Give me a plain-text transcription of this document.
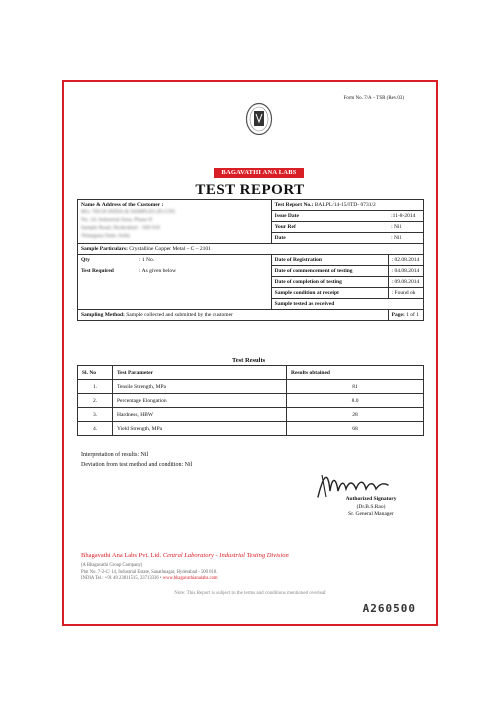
Form No. 7/A – TSR (Rev.03)
BAGAVATHI ANA LABS
TEST REPORT
Name & Address of the Customer :
M/s. TECH INDIA & SAMPLES (P) LTD.
No. 24, Industrial Area, Phase II
Sample Road, Hyderabad - 500 018
Telangana State, India		Test Report No.: BALPL/14-15/ITD- 0731/2	
		Issue Date	:11-8-2014
		Your Ref	: Nil
		Date	: Nil
Sample Particulars: Crystalline Copper Metal – C – 2101			
Qty	: 1 No.	Date of Registration	: 02.08.2014
Test Required	: As given below	Date of commencement of testing	: 04.08.2014
		Date of completion of testing	: 09.08.2014
		Sample condition at receipt	: Found ok
		Sample tested as received	
Sampling Method: Sample collected and submitted by the customer			Page: 1 of 1
Test Results
Sl. No	Test Parameter	Results obtained
1.	Tensile Strength, MPa	81
2.	Percentage Elongation	8.0
3.	Hardness, HBW	28
4.	Yield Strength, MPa	68
Interpretation of results: Nil
Deviation from test method and condition: Nil
Authorized Signatory
(Dr.B.S.Rao)
Sr. General Manager
Bhagavathi Ana Labs Pvt. Ltd. Central Laboratory - Industrial Testing Division
(A Bhagavathi Group Company)
Plot No. 7-2-C/ 14, Industrial Estate, Sanathnagar, Hyderabad - 500 018.
INDIA Tel.: +91 40 23811515, 23713336 • www.bhagavathianalabs.com
Note: This Report is subject to the terms and conditions mentioned overleaf
A260500
